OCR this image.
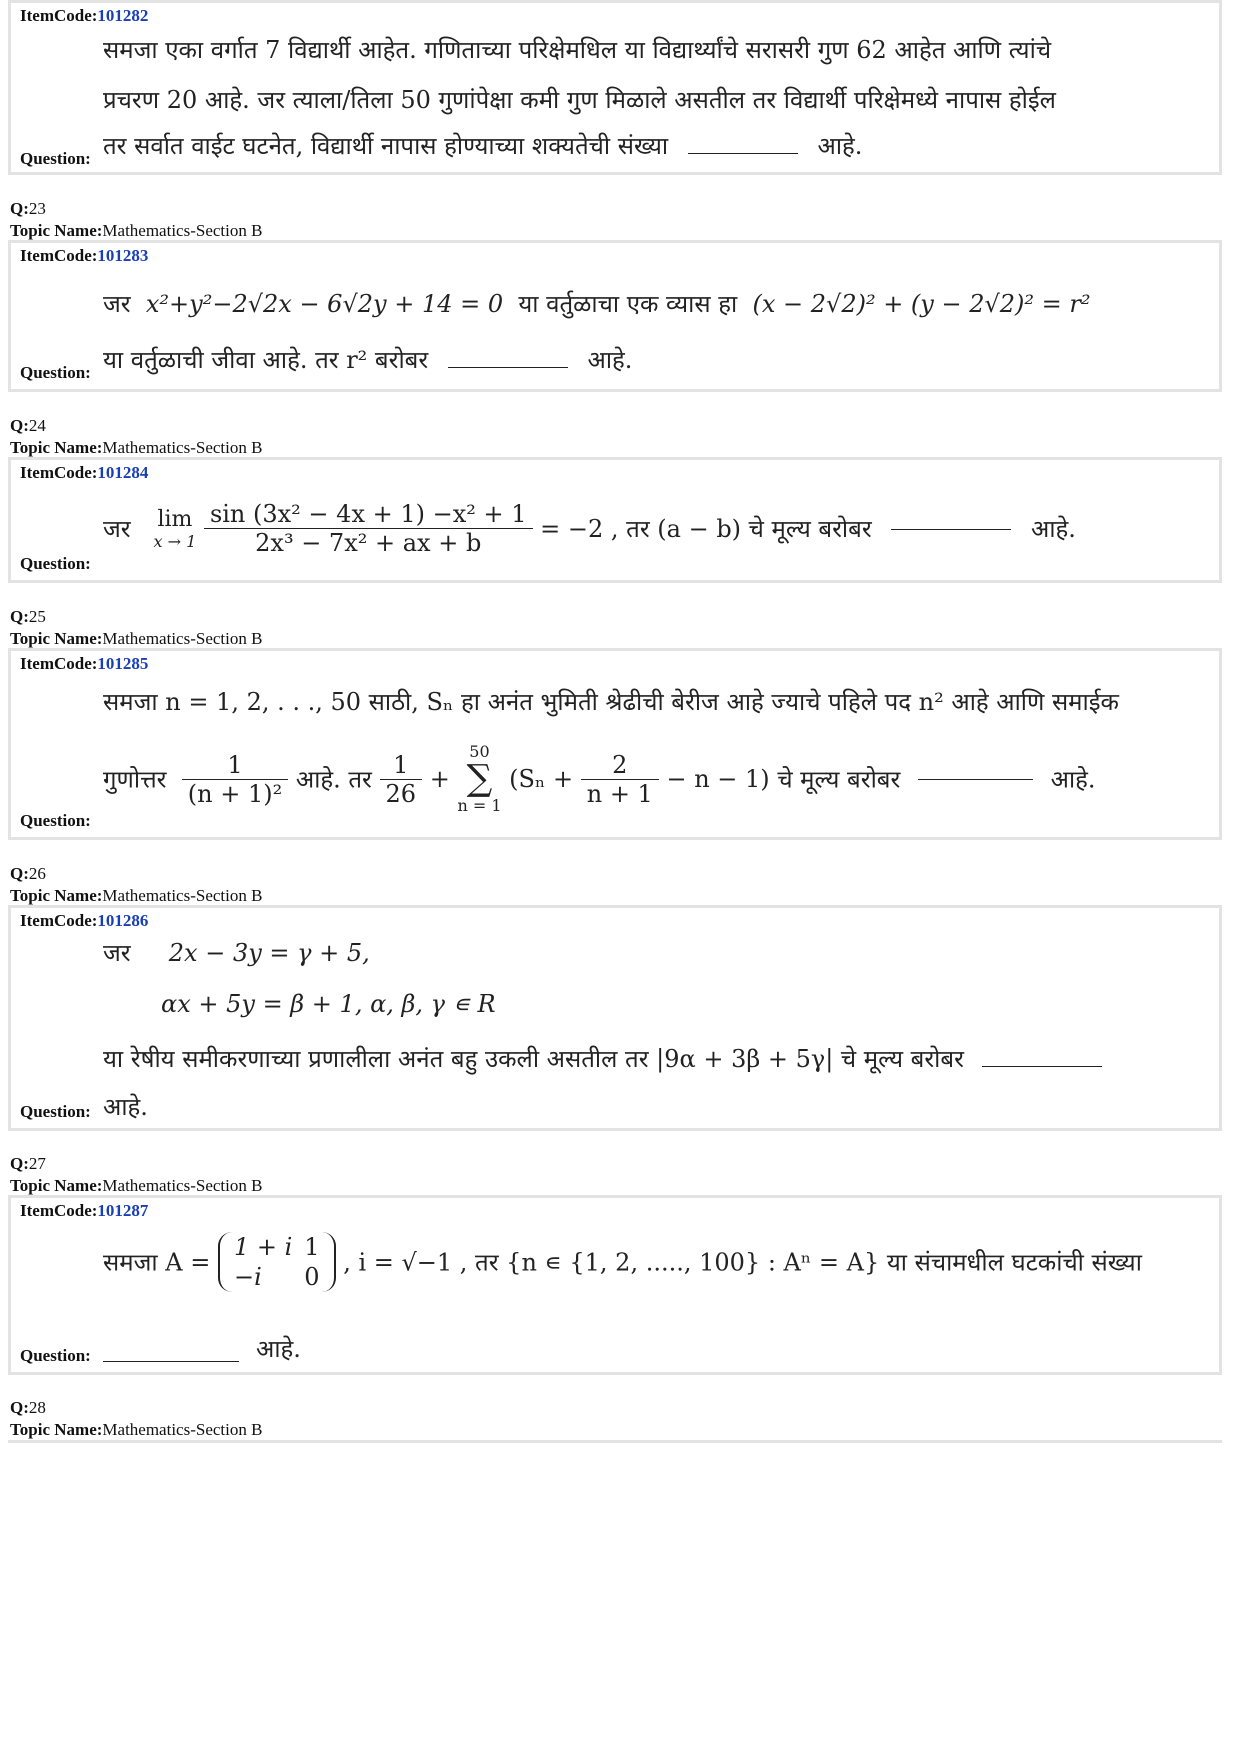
ItemCode:101282
समजा एका वर्गात 7 विद्यार्थी आहेत. गणिताच्या परिक्षेमधिल या विद्यार्थ्यांचे सरासरी गुण 62 आहेत आणि त्यांचे
प्रचरण 20 आहे. जर त्याला/तिला 50 गुणांपेक्षा कमी गुण मिळाले असतील तर विद्यार्थी परिक्षेमध्ये नापास होईल
तर सर्वात वाईट घटनेत, विद्यार्थी नापास होण्याच्या शक्यतेची संख्या	आहे.
Question:
Q:23
Topic Name:Mathematics-Section B
ItemCode:101283
जर x²+y²−2√2x − 6√2y + 14 = 0 या वर्तुळाचा एक व्यास हा (x − 2√2)² + (y − 2√2)² = r²
या वर्तुळाची जीवा आहे. तर r² बरोबर	आहे.
Question:
Q:24
Topic Name:Mathematics-Section B
ItemCode:101284
जर lim
x → 1
$\frac{\text{sin (3x² − 4x + 1) −x² + 1}}{\text{2x³ − 7x² + ax + b}} = -2$ , तर (a − b) चे मूल्य बरोबर	आहे.
Question:
Q:25
Topic Name:Mathematics-Section B
ItemCode:101285
समजा n = 1, 2, . . ., 50 साठी, Sₙ हा अनंत भुमिती श्रेढीची बेरीज आहे ज्याचे पहिले पद n² आहे आणि समाईक
गुणोत्तर $\frac{1}{\text{(n + 1)²}}$ आहे. तर $\frac{1}{26} + 50$
∑
n = 1 $(S_n + \frac{2}{n + 1} - n - 1)$ चे मूल्य बरोबर	आहे.
Question:
Q:26
Topic Name:Mathematics-Section B
ItemCode:101286
जर 2x − 3y = γ + 5,
αx + 5y = β + 1, α, β, γ ∊ R
या रेषीय समीकरणाच्या प्रणालीला अनंत बहु उकली असतील तर |9α + 3β + 5γ| चे मूल्य बरोबर
आहे.
Question:
Q:27
Topic Name:Mathematics-Section B
ItemCode:101287
समजा A = 1 + i	1
−i	0 , i = √−1 , तर {n ∊ {1, 2, ....., 100} : Aⁿ = A} या संचामधील घटकांची संख्या
Question:	आहे.
Q:28
Topic Name:Mathematics-Section B
